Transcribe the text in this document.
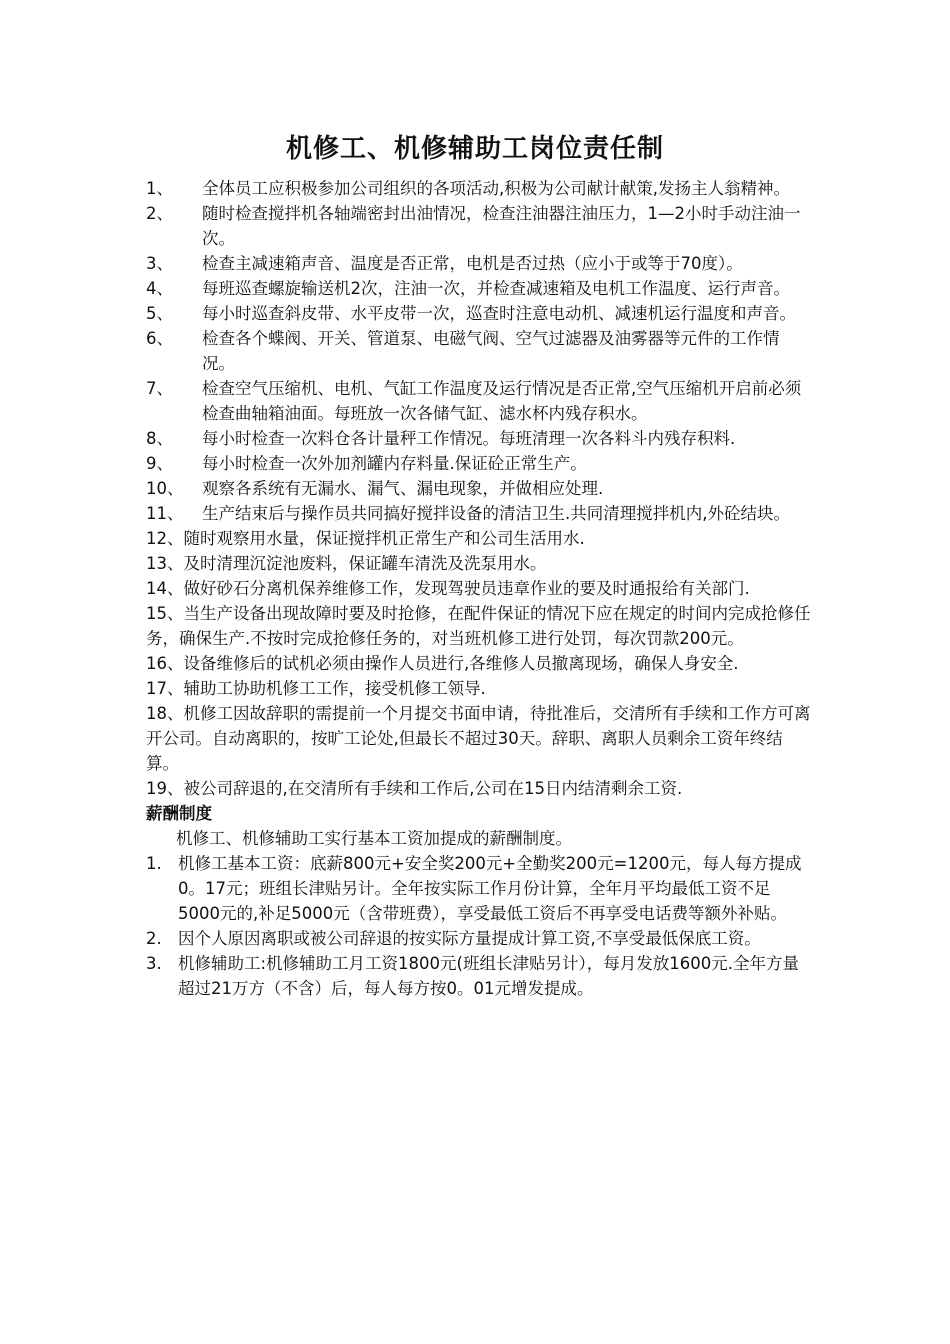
机修工、机修辅助工岗位责任制
1、	全体员工应积极参加公司组织的各项活动,积极为公司献计献策,发扬主人翁精神。
2、	随时检查搅拌机各轴端密封出油情况，检查注油器注油压力，1—2小时手动注油一次。
3、	检查主减速箱声音、温度是否正常，电机是否过热（应小于或等于70度）。
4、	每班巡查螺旋输送机2次，注油一次，并检查减速箱及电机工作温度、运行声音。
5、	每小时巡查斜皮带、水平皮带一次，巡查时注意电动机、减速机运行温度和声音。
6、	检查各个蝶阀、开关、管道泵、电磁气阀、空气过滤器及油雾器等元件的工作情况。
7、	检查空气压缩机、电机、气缸工作温度及运行情况是否正常,空气压缩机开启前必须检查曲轴箱油面。每班放一次各储气缸、滤水杯内残存积水。
8、	每小时检查一次料仓各计量秤工作情况。每班清理一次各料斗内残存积料.
9、	每小时检查一次外加剂罐内存料量.保证砼正常生产。
10、	观察各系统有无漏水、漏气、漏电现象，并做相应处理.
11、	生产结束后与操作员共同搞好搅拌设备的清洁卫生.共同清理搅拌机内,外砼结块。
12、随时观察用水量，保证搅拌机正常生产和公司生活用水.
13、及时清理沉淀池废料，保证罐车清洗及洗泵用水。
14、做好砂石分离机保养维修工作，发现驾驶员违章作业的要及时通报给有关部门.
15、当生产设备出现故障时要及时抢修，在配件保证的情况下应在规定的时间内完成抢修任务，确保生产.不按时完成抢修任务的，对当班机修工进行处罚，每次罚款200元。
16、设备维修后的试机必须由操作人员进行,各维修人员撤离现场，确保人身安全.
17、辅助工协助机修工工作，接受机修工领导.
18、机修工因故辞职的需提前一个月提交书面申请，待批准后，交清所有手续和工作方可离开公司。自动离职的，按旷工论处,但最长不超过30天。辞职、离职人员剩余工资年终结算。
19、被公司辞退的,在交清所有手续和工作后,公司在15日内结清剩余工资.
薪酬制度
机修工、机修辅助工实行基本工资加提成的薪酬制度。
1. 机修工基本工资：底薪800元+安全奖200元+全勤奖200元=1200元，每人每方提成0。17元；班组长津贴另计。全年按实际工作月份计算，全年月平均最低工资不足5000元的,补足5000元（含带班费），享受最低工资后不再享受电话费等额外补贴。
2. 因个人原因离职或被公司辞退的按实际方量提成计算工资,不享受最低保底工资。
3. 机修辅助工:机修辅助工月工资1800元(班组长津贴另计），每月发放1600元.全年方量超过21万方（不含）后，每人每方按0。01元增发提成。
